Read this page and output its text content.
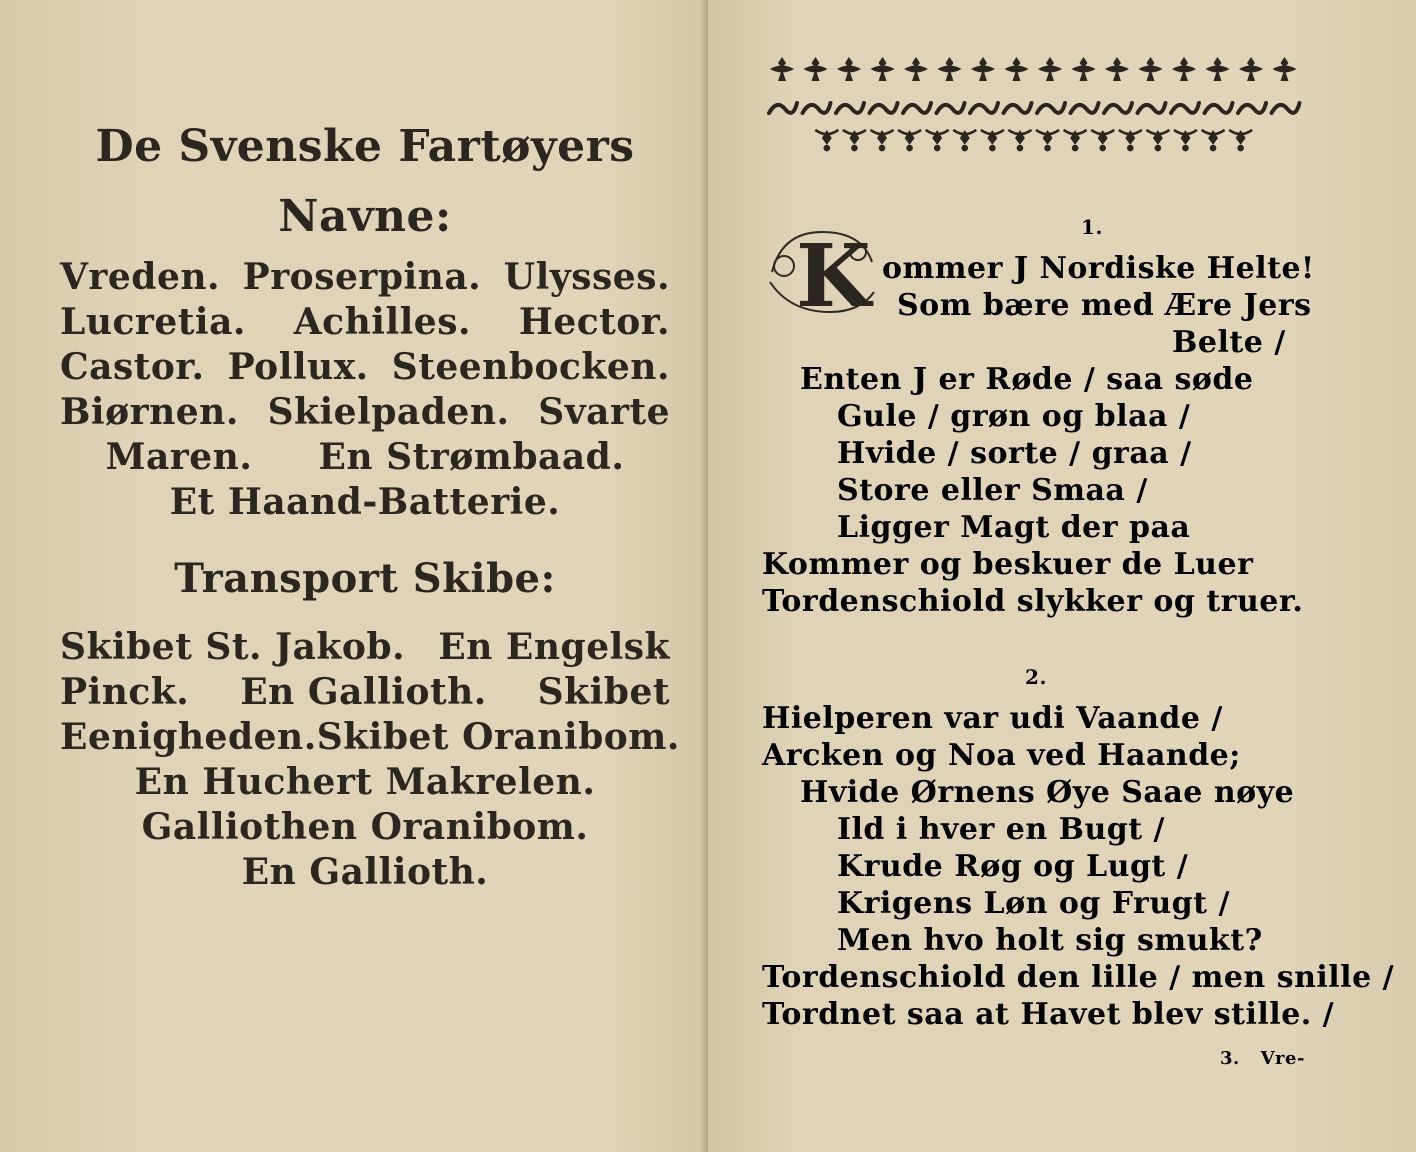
De Svenske Fartøyers
Navne:
Vreden. Proserpina. Ulysses.
Lucretia. Achilles. Hector.
Castor. Pollux. Steenbocken.
Biørnen. Skielpaden. Svarte
Maren. En Strømbaad.
Et Haand-Batterie.
Transport Skibe:
Skibet St. Jakob. En Engelsk
Pinck. En Gallioth. Skibet
Eenigheden. Skibet Oranibom.
En Huchert Makrelen.
Galliothen Oranibom.
En Gallioth.
1.
K ommer J Nordiske Helte!
Som bære med Ære Jers
Belte /
Enten J er Røde / saa søde
Gule / grøn og blaa /
Hvide / sorte / graa /
Store eller Smaa /
Ligger Magt der paa
Kommer og beskuer de Luer
Tordenschiold slykker og truer.
2.
Hielperen var udi Vaande /
Arcken og Noa ved Haande;
Hvide Ørnens Øye Saae nøye
Ild i hver en Bugt /
Krude Røg og Lugt /
Krigens Løn og Frugt /
Men hvo holt sig smukt?
Tordenschiold den lille / men snille /
Tordnet saa at Havet blev stille. /
3. Vre-
